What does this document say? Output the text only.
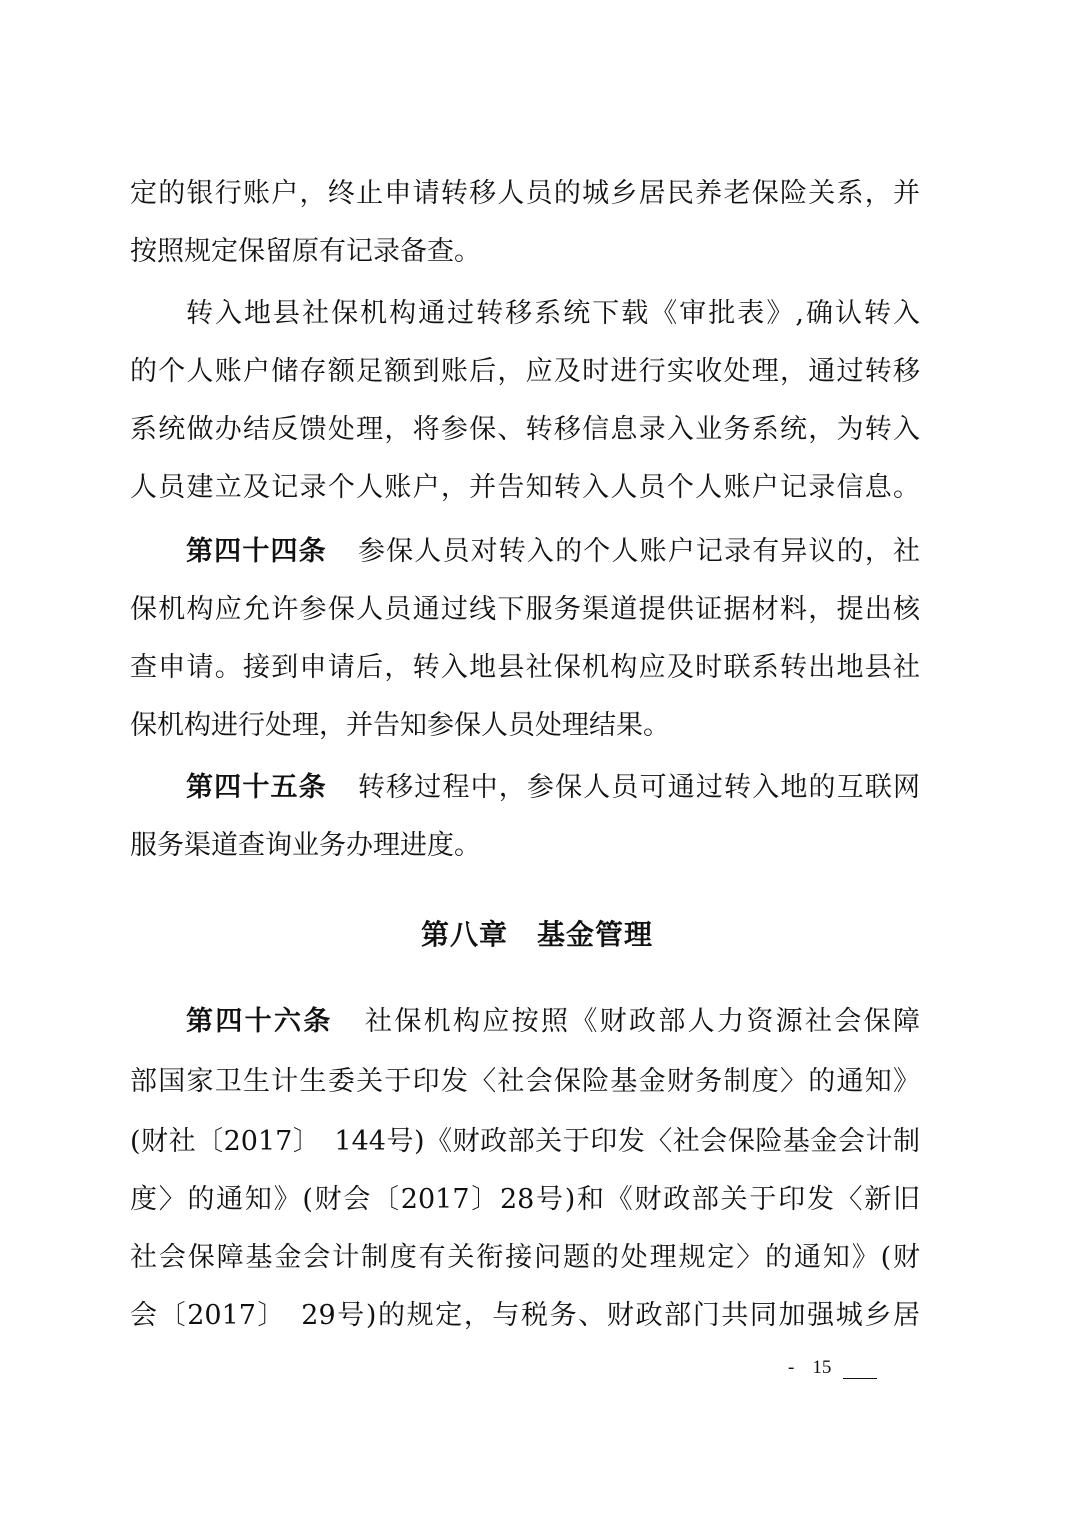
定的银行账户，终止申请转移人员的城乡居民养老保险关系，并
按照规定保留原有记录备查。
转入地县社保机构通过转移系统下载《审批表》,确认转入
的个人账户储存额足额到账后，应及时进行实收处理，通过转移
系统做办结反馈处理，将参保、转移信息录入业务系统，为转入
人员建立及记录个人账户，并告知转入人员个人账户记录信息。
第四十四条 参保人员对转入的个人账户记录有异议的，社
保机构应允许参保人员通过线下服务渠道提供证据材料，提出核
查申请。接到申请后，转入地县社保机构应及时联系转出地县社
保机构进行处理，并告知参保人员处理结果。
第四十五条 转移过程中，参保人员可通过转入地的互联网
服务渠道查询业务办理进度。
第八章　基金管理
第四十六条 社保机构应按照《财政部人力资源社会保障
部国家卫生计生委关于印发〈社会保险基金财务制度〉的通知》
(财社〔2017〕　144号)《财政部关于印发〈社会保险基金会计制
度〉的通知》(财会〔2017〕28号)和《财政部关于印发〈新旧
社会保障基金会计制度有关衔接问题的处理规定〉的通知》(财
会〔2017〕　29号)的规定，与税务、财政部门共同加强城乡居
- 15
